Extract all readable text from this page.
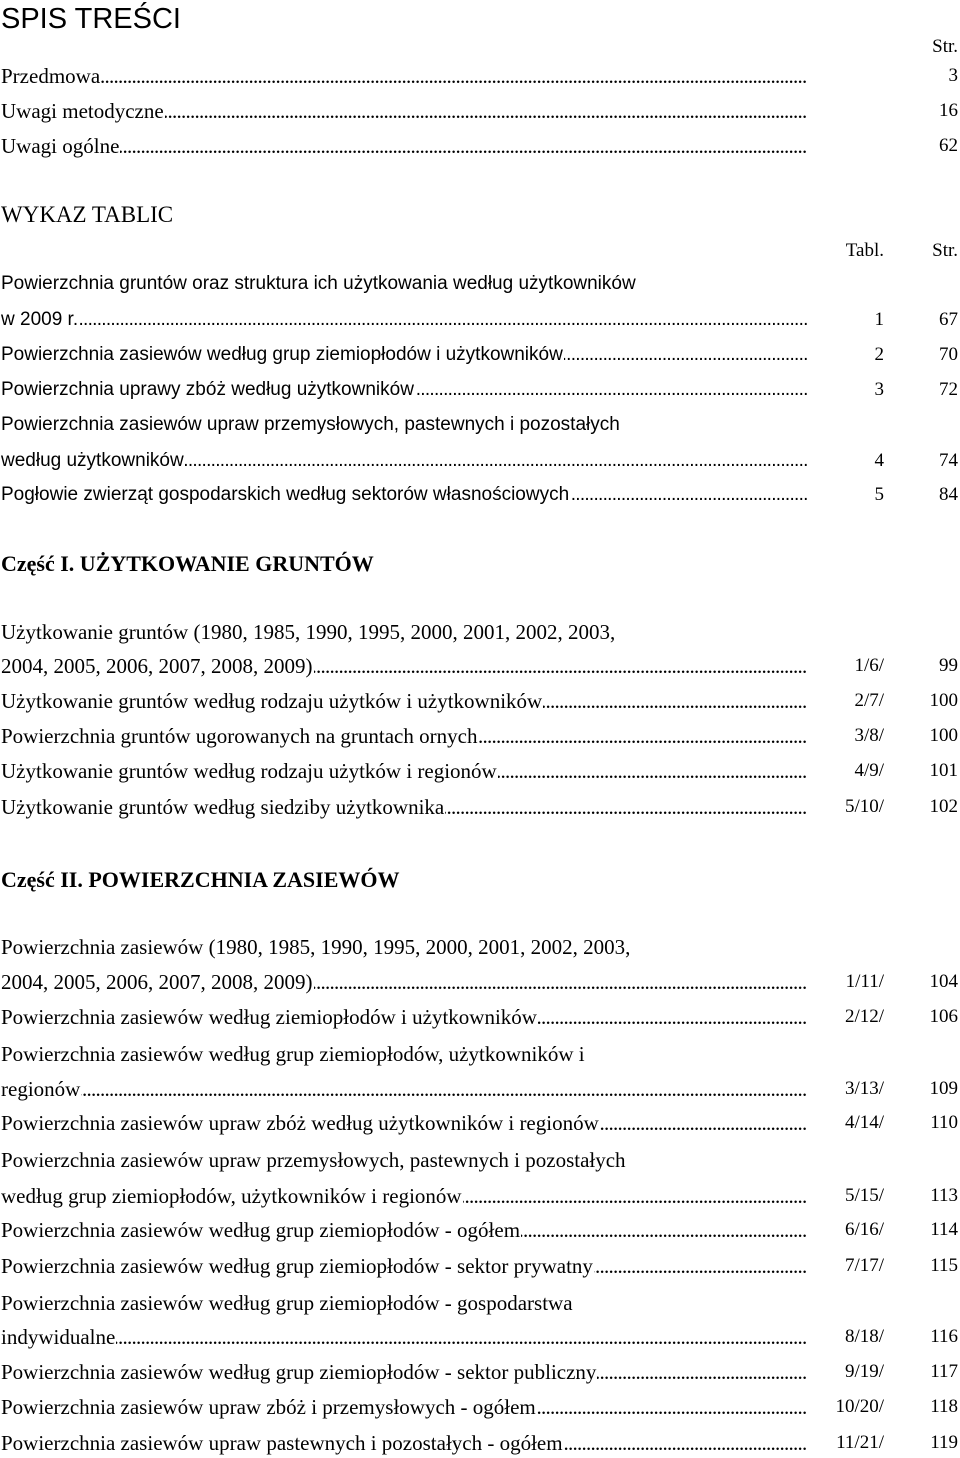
SPIS TREŚCI
Str.
Przedmowa . . .	3
Uwagi metodyczne . . .	16
Uwagi ogólne . . .	62
WYKAZ TABLIC
Tabl.	Str.
Powierzchnia gruntów oraz struktura ich użytkowania według użytkowników
w 2009 r. . . .	1	67
Powierzchnia zasiewów według grup ziemiopłodów i użytkowników . . .	2	70
Powierzchnia uprawy zbóż według użytkowników . . .	3	72
Powierzchnia zasiewów upraw przemysłowych, pastewnych i pozostałych
według użytkowników . . .	4	74
Pogłowie zwierząt gospodarskich według sektorów własnościowych . . .	5	84
Część I. UŻYTKOWANIE GRUNTÓW
Użytkowanie gruntów (1980, 1985, 1990, 1995, 2000, 2001, 2002, 2003,
2004, 2005, 2006, 2007, 2008, 2009) . . .	1/6/	99
Użytkowanie gruntów według rodzaju użytków i użytkowników . . .	2/7/	100
Powierzchnia gruntów ugorowanych na gruntach ornych . . .	3/8/	100
Użytkowanie gruntów według rodzaju użytków i regionów . . .	4/9/	101
Użytkowanie gruntów według siedziby użytkownika . . .	5/10/	102
Część II. POWIERZCHNIA ZASIEWÓW
Powierzchnia zasiewów (1980, 1985, 1990, 1995, 2000, 2001, 2002, 2003,
2004, 2005, 2006, 2007, 2008, 2009) . . .	1/11/	104
Powierzchnia zasiewów według ziemiopłodów i użytkowników . . .	2/12/	106
Powierzchnia zasiewów według grup ziemiopłodów, użytkowników i
regionów . . .	3/13/	109
Powierzchnia zasiewów upraw zbóż według użytkowników i regionów . . .	4/14/	110
Powierzchnia zasiewów upraw przemysłowych, pastewnych i pozostałych
według grup ziemiopłodów, użytkowników i regionów . . .	5/15/	113
Powierzchnia zasiewów według grup ziemiopłodów - ogółem . . .	6/16/	114
Powierzchnia zasiewów według grup ziemiopłodów - sektor prywatny . . .	7/17/	115
Powierzchnia zasiewów według grup ziemiopłodów - gospodarstwa
indywidualne . . .	8/18/	116
Powierzchnia zasiewów według grup ziemiopłodów - sektor publiczny . . .	9/19/	117
Powierzchnia zasiewów upraw zbóż i przemysłowych - ogółem . . .	10/20/	118
Powierzchnia zasiewów upraw pastewnych i pozostałych - ogółem . . .	11/21/	119
